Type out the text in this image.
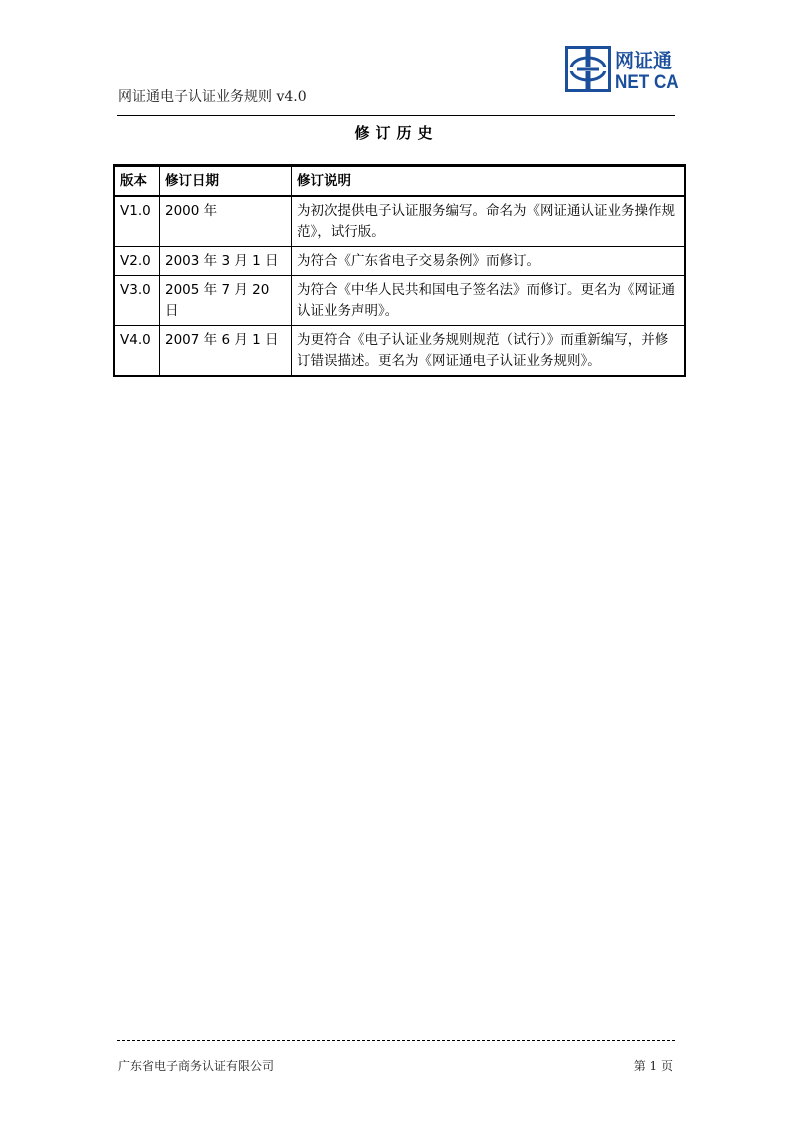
网证通电子认证业务规则 v4.0
网证通
NET CA
修订历史
版本	修订日期	修订说明
V1.0	2000 年	为初次提供电子认证服务编写。命名为《网证通认证业务操作规范》，试行版。
V2.0	2003 年 3 月 1 日	为符合《广东省电子交易条例》而修订。
V3.0	2005 年 7 月 20 日	为符合《中华人民共和国电子签名法》而修订。更名为《网证通认证业务声明》。
V4.0	2007 年 6 月 1 日	为更符合《电子认证业务规则规范（试行）》而重新编写，并修订错误描述。更名为《网证通电子认证业务规则》。
广东省电子商务认证有限公司	第 1 页
